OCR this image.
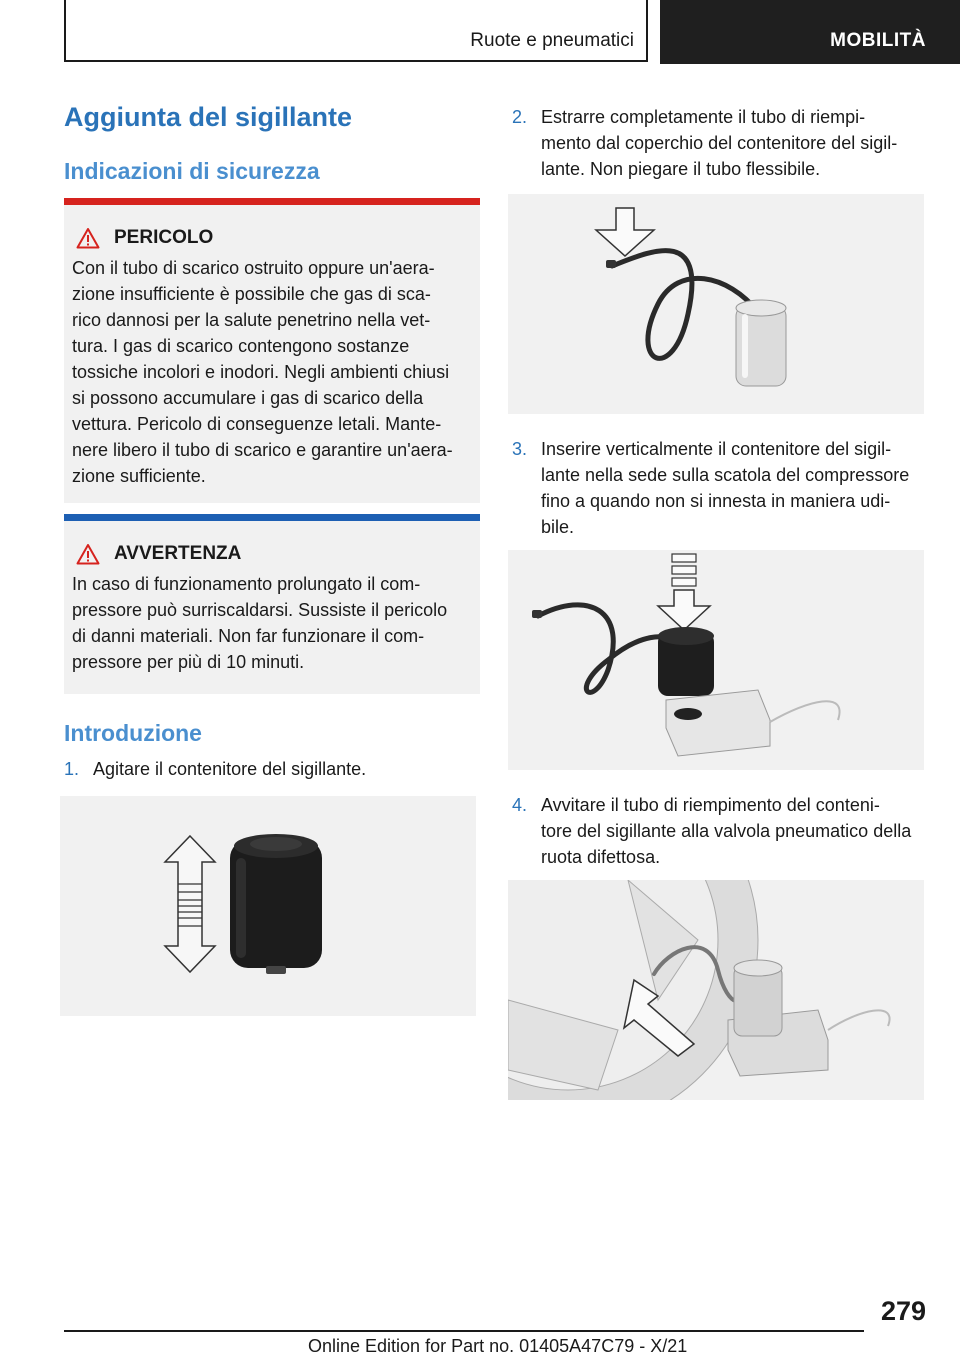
Ruote e pneumatici	MOBILITÀ
Aggiunta del sigillante
Indicazioni di sicurezza
PERICOLO
Con il tubo di scarico ostruito oppure un'aera‐
zione insufficiente è possibile che gas di sca‐
rico dannosi per la salute penetrino nella vet‐
tura. I gas di scarico contengono sostanze
tossiche incolori e inodori. Negli ambienti chiusi
si possono accumulare i gas di scarico della
vettura. Pericolo di conseguenze letali. Mante‐
nere libero il tubo di scarico e garantire un'aera‐
zione sufficiente.
AVVERTENZA
In caso di funzionamento prolungato il com‐
pressore può surriscaldarsi. Sussiste il pericolo
di danni materiali. Non far funzionare il com‐
pressore per più di 10 minuti.
Introduzione
1. Agitare il contenitore del sigillante.
2. Estrarre completamente il tubo di riempi‐
mento dal coperchio del contenitore del sigil‐
lante. Non piegare il tubo flessibile.
3. Inserire verticalmente il contenitore del sigil‐
lante nella sede sulla scatola del compressore
fino a quando non si innesta in maniera udi‐
bile.
4. Avvitare il tubo di riempimento del conteni‐
tore del sigillante alla valvola pneumatico della
ruota difettosa.
279
Online Edition for Part no. 01405A47C79 - X/21
